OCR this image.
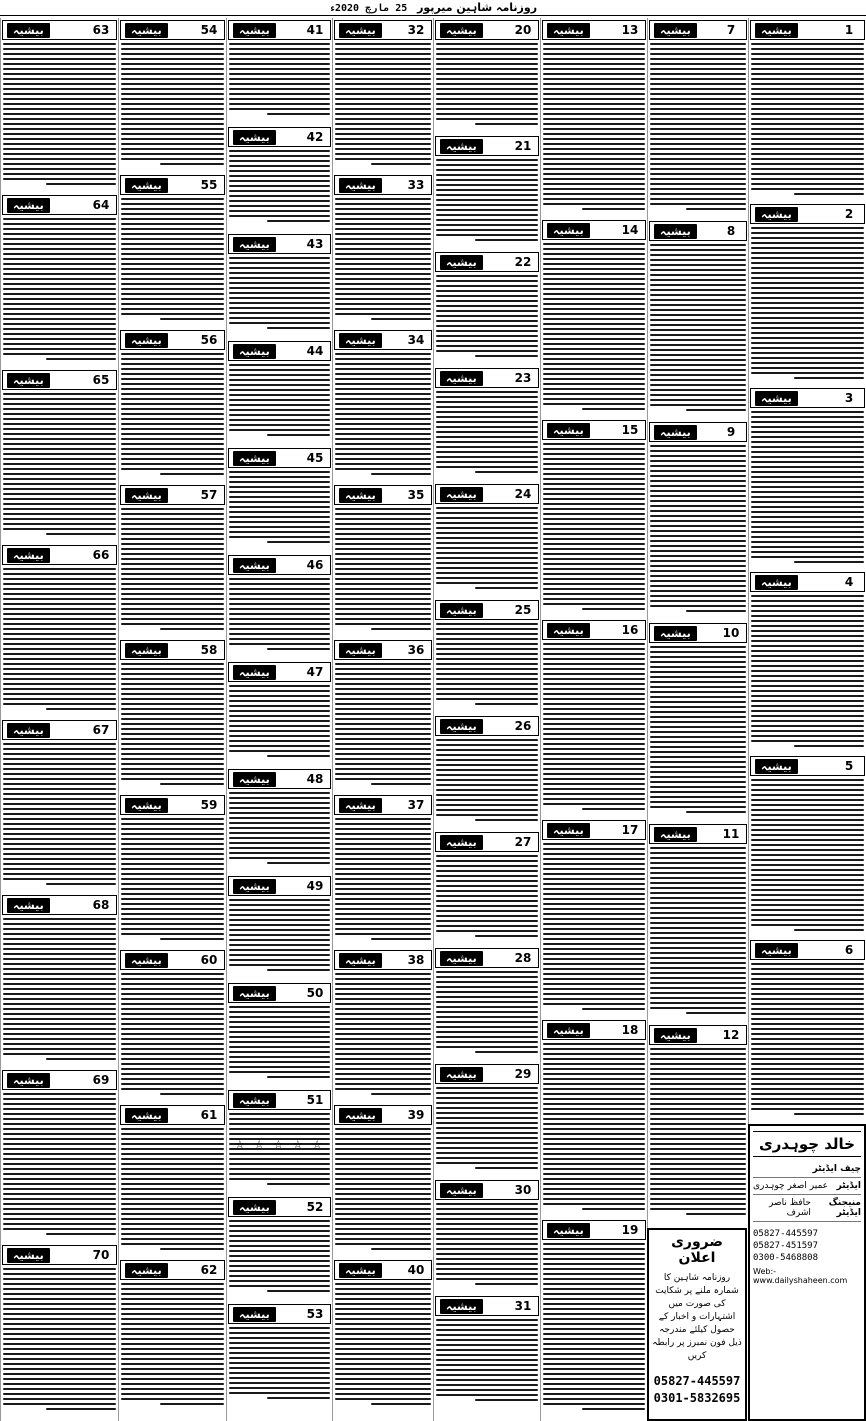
روزنامہ شاہین میرپور 25 مارچ 2020ء
بیشیہ	1
بیشیہ	2
بیشیہ	3
بیشیہ	4
بیشیہ	5
بیشیہ	6
بیشیہ	7
بیشیہ	8
بیشیہ	9
بیشیہ	10
بیشیہ	11
بیشیہ	12
بیشیہ	13
بیشیہ	14
بیشیہ	15
بیشیہ	16
بیشیہ	17
بیشیہ	18
بیشیہ	19
بیشیہ	20
بیشیہ	21
بیشیہ	22
بیشیہ	23
بیشیہ	24
بیشیہ	25
بیشیہ	26
بیشیہ	27
بیشیہ	28
بیشیہ	29
بیشیہ	30
بیشیہ	31
بیشیہ	32
بیشیہ	33
بیشیہ	34
بیشیہ	35
بیشیہ	36
بیشیہ	37
بیشیہ	38
بیشیہ	39
بیشیہ	40
بیشیہ	41
بیشیہ	42
بیشیہ	43
بیشیہ	44
بیشیہ	45
بیشیہ	46
بیشیہ	47
بیشیہ	48
بیشیہ	49
بیشیہ	50
بیشیہ	51
بیشیہ	52
بیشیہ	53
بیشیہ	54
بیشیہ	55
بیشیہ	56
بیشیہ	57
بیشیہ	58
بیشیہ	59
بیشیہ	60
بیشیہ	61
بیشیہ	62
بیشیہ	63
بیشیہ	64
بیشیہ	65
بیشیہ	66
بیشیہ	67
بیشیہ	68
بیشیہ	69
بیشیہ	70
☆ ☆ ☆ ☆ ☆
ضروری اعلان
روزنامہ شاہین کا شمارہ ملنے پر شکایت کی صورت میں اشتہارات و اخبار کے حصول کیلئے مندرجہ ذیل فون نمبرز پر رابطہ کریں
05827-445597
0301-5832695
خالد چوہدری
چیف ایڈیٹر
ایڈیٹر
عمیر اصغر چوہدری
منیجنگ ایڈیٹر
حافظ ناصر اشرف
05827-445597
05827-451597
0300-5468808
Web:-www.dailyshaheen.com
